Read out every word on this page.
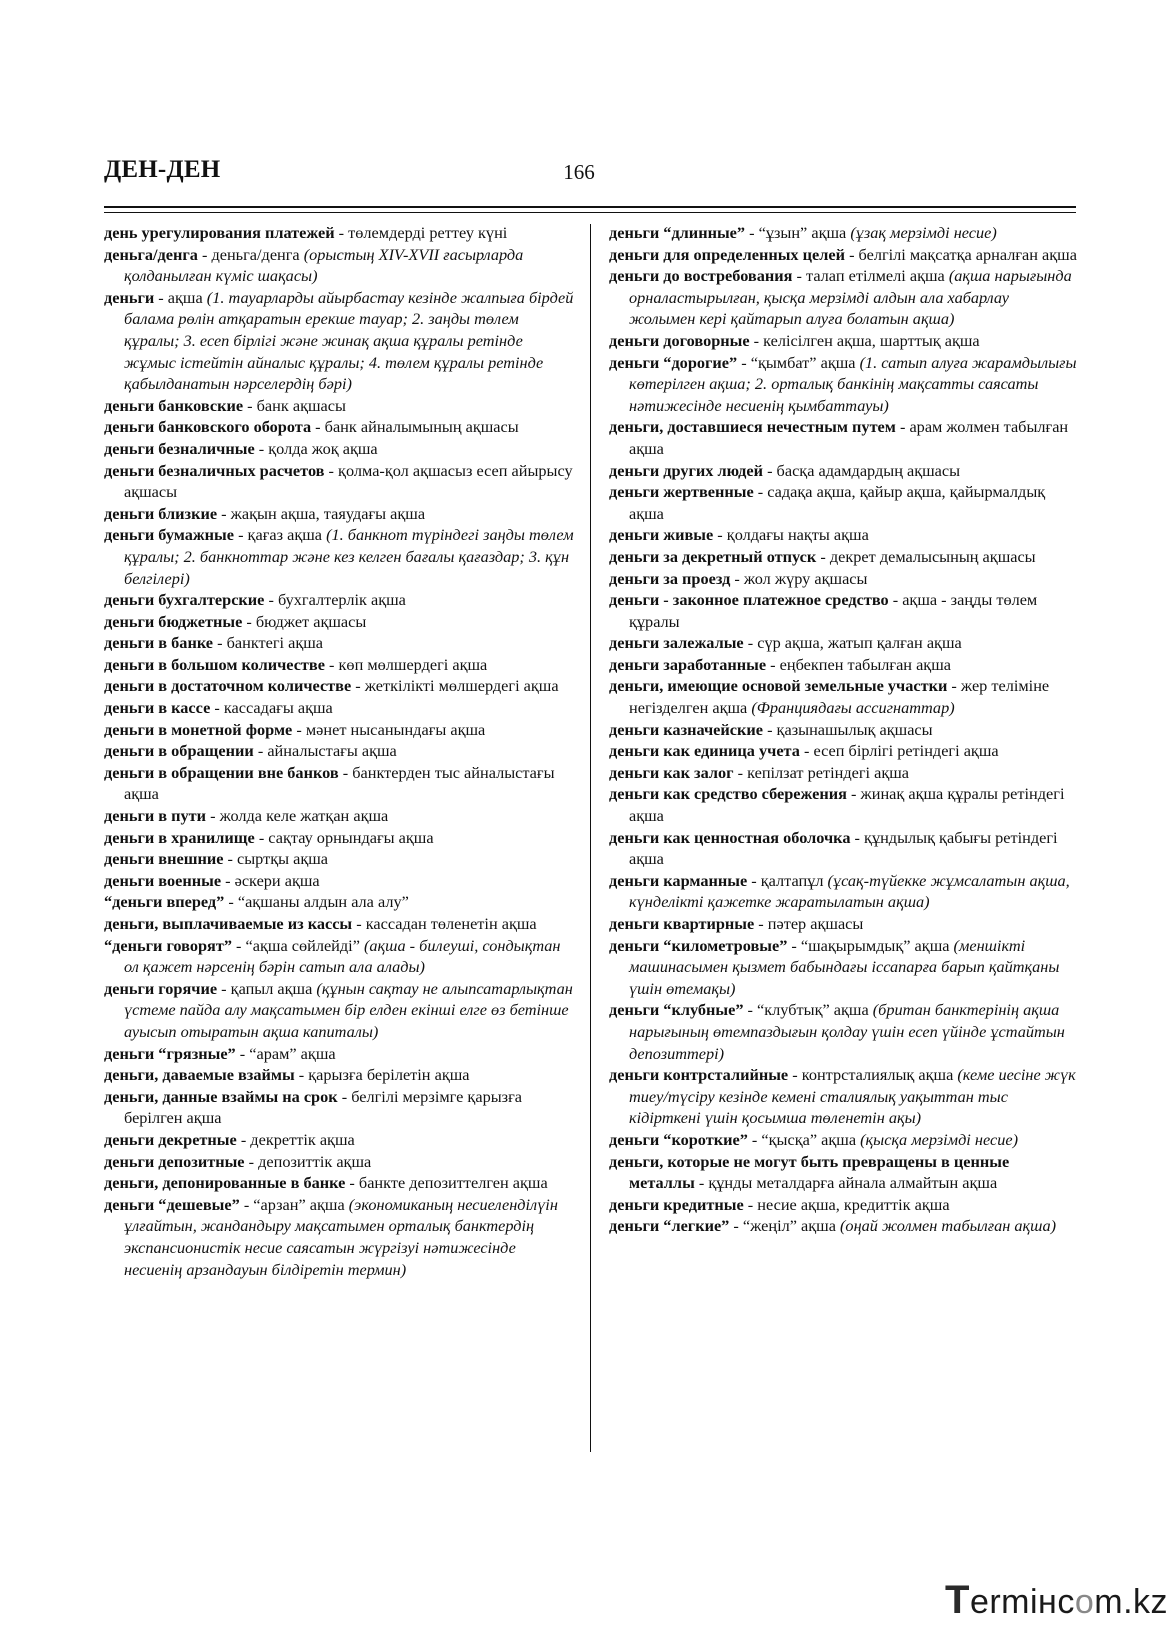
ДЕН-ДЕН	166

день урегулирования платежей - төлемдерді реттеу күні

деньга/денга - деньга/денга (орыстың XIV-XVII ғасырларда қолданылған күміс шақасы)

деньги - ақша (1. тауарларды айырбастау кезінде жалпыға бірдей балама рөлін атқаратын ерекше тауар; 2. заңды төлем құралы; 3. есеп бірлігі және жинақ ақша құралы ретінде жұмыс істейтін айналыс құралы; 4. төлем құралы ретінде қабылданатын нәрселердің бәрі)

деньги банковские - банк ақшасы

деньги банковского оборота - банк айналымының ақшасы

деньги безналичные - қолда жоқ ақша

деньги безналичных расчетов - қолма-қол ақшасыз есеп айырысу ақшасы

деньги близкие - жақын ақша, таяудағы ақша

деньги бумажные - қағаз ақша (1. банкнот түріндегі заңды төлем құралы; 2. банкноттар және кез келген бағалы қағаздар; 3. құн белгілері)

деньги бухгалтерские - бухгалтерлік ақша

деньги бюджетные - бюджет ақшасы

деньги в банке - банктегі ақша

деньги в большом количестве - көп мөлшердегі ақша

деньги в достаточном количестве - жеткілікті мөлшердегі ақша

деньги в кассе - кассадағы ақша

деньги в монетной форме - мәнет нысанындағы ақша

деньги в обращении - айналыстағы ақша

деньги в обращении вне банков - банктерден тыс айналыстағы ақша

деньги в пути - жолда келе жатқан ақша

деньги в хранилище - сақтау орнындағы ақша

деньги внешние - сыртқы ақша

деньги военные - әскери ақша

“деньги вперед” - “ақшаны алдын ала алу”

деньги, выплачиваемые из кассы - кассадан төленетін ақша

“деньги говорят” - “ақша сөйлейді” (ақша - билеуші, сондықтан ол қажет нәрсенің бәрін сатып ала алады)

деньги горячие - қапыл ақша (құнын сақтау не алыпсатарлықтан үстеме пайда алу мақсатымен бір елден екінші елге өз бетінше ауысып отыратын ақша капиталы)

деньги “грязные” - “арам” ақша

деньги, даваемые взаймы - қарызға берілетін ақша

деньги, данные взаймы на срок - белгілі мерзімге қарызға берілген ақша

деньги декретные - декреттік ақша

деньги депозитные - депозиттік ақша

деньги, депонированные в банке - банкте депозиттелген ақша

деньги “дешевые” - “арзан” ақша (экономиканың несиеленділүін ұлғайтын, жандандыру мақсатымен орталық банктердің экспансионистік несие саясатын жүргізуі нәтижесінде несиенің арзандауын білдіретін термин)

деньги “длинные” - “ұзын” ақша (ұзақ мерзімді несие)

деньги для определенных целей - белгілі мақсатқа арналған ақша

деньги до востребования - талап етілмелі ақша (ақша нарығында орналастырылған, қысқа мерзімді алдын ала хабарлау жолымен кері қайтарып алуға болатын ақша)

деньги договорные - келісілген ақша, шарттық ақша

деньги “дорогие” - “қымбат” ақша (1. сатып алуға жарамдылығы көтерілген ақша; 2. орталық банкінің мақсатты саясаты нәтижесінде несиенің қымбаттауы)

деньги, доставшиеся нечестным путем - арам жолмен табылған ақша

деньги других людей - басқа адамдардың ақшасы

деньги жертвенные - садақа ақша, қайыр ақша, қайырмалдық ақша

деньги живые - қолдағы нақты ақша

деньги за декретный отпуск - декрет демалысының ақшасы

деньги за проезд - жол жүру ақшасы

деньги - законное платежное средство - ақша - заңды төлем құралы

деньги залежалые - сүр ақша, жатып қалған ақша

деньги заработанные - еңбекпен табылған ақша

деньги, имеющие основой земельные участки - жер телiмiне негізделген ақша (Франциядағы ассигнаттар)

деньги казначейские - қазынашылық ақшасы

деньги как единица учета - есеп бірлігі ретіндегі ақша

деньги как залог - кепілзат ретіндегі ақша

деньги как средство сбережения - жинақ ақша құралы ретіндегі ақша

деньги как ценностная оболочка - құндылық қабығы ретіндегі ақша

деньги карманные - қалтапұл (ұсақ-түйекке жұмсалатын ақша, күнделікті қажетке жаратылатын ақша)

деньги квартирные - пәтер ақшасы

деньги “километровые” - “шақырымдық” ақша (меншікті машинасымен қызмет бабындағы іссапарға барып қайтқаны үшін өтемақы)

деньги “клубные” - “клубтық” ақша (британ банктерінің ақша нарығының өтемпаздығын қолдау үшін есеп үйінде ұстайтын депозиттері)

деньги контрсталийные - контрсталиялық ақша (кеме иесіне жүк тиеу/түсіру кезінде кемені сталиялық уақыттан тыс кідірткені үшін қосымша төленетін ақы)

деньги “короткие” - “қысқа” ақша (қысқа мерзімді несие)

деньги, которые не могут быть превращены в ценные металлы - құнды металдарға айнала алмайтын ақша

деньги кредитные - несие ақша, кредиттік ақша

деньги “легкие” - “жеңіл” ақша (оңай жолмен табылған ақша)

Termінcom.kz
